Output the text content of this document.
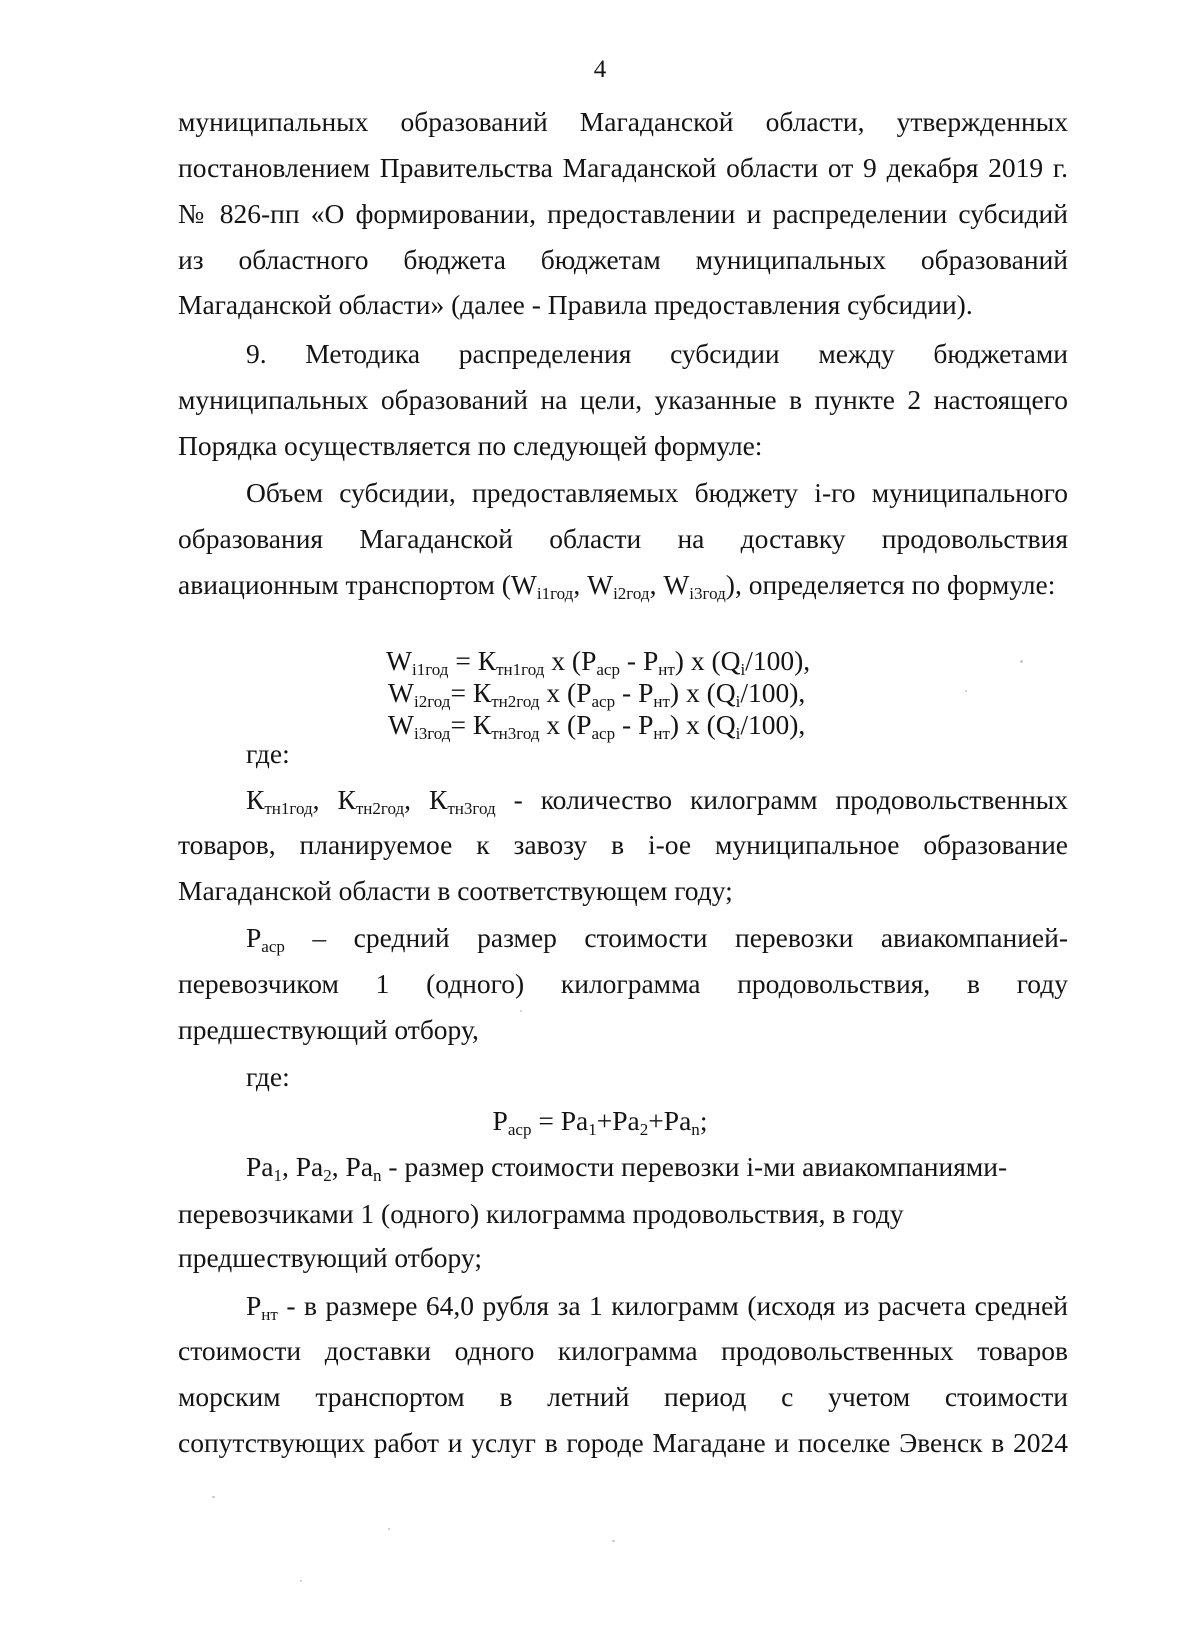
4
муниципальных образований Магаданской области, утвержденных
постановлением Правительства Магаданской области от 9 декабря 2019 г.
№ 826-пп «О формировании, предоставлении и распределении субсидий
из областного бюджета бюджетам муниципальных образований
Магаданской области» (далее - Правила предоставления субсидии).
9. Методика распределения субсидии между бюджетами
муниципальных образований на цели, указанные в пункте 2 настоящего
Порядка осуществляется по следующей формуле:
Объем субсидии, предоставляемых бюджету i-го муниципального
образования Магаданской области на доставку продовольствия
авиационным транспортом ($W_{i1год}$, $W_{i2год}$, $W_{i3год}$), определяется по формуле:
$W_{i1год} = К_{тн1год}$ х $(Р_{аср} - Р_{нт})$ х $(Q_i/100)$,
$W_{i2год}= К_{тн2год}$ х $(Р_{аср} - Р_{нт})$ х $(Q_i/100)$,
$W_{i3год}= К_{тн3год}$ х $(Р_{аср} - Р_{нт})$ х $(Q_i/100)$,
где:
$К_{тн1год}$, $К_{тн2год}$, $К_{тн3год}$ - количество килограмм продовольственных
товаров, планируемое к завозу в i-ое муниципальное образование
Магаданской области в соответствующем году;
$Р_{аср}$ – средний размер стоимости перевозки авиакомпанией-
перевозчиком 1 (одного) килограмма продовольствия, в году
предшествующий отбору,
где:
$Р_{аср} = Ра_1+Ра_2+Ра_n$;
$Ра_1$, $Ра_2$, $Ра_n$ - размер стоимости перевозки i-ми авиакомпаниями-
перевозчиками 1 (одного) килограмма продовольствия, в году
предшествующий отбору;
$Р_{нт}$ - в размере 64,0 рубля за 1 килограмм (исходя из расчета средней
стоимости доставки одного килограмма продовольственных товаров
морским транспортом в летний период с учетом стоимости
сопутствующих работ и услуг в городе Магадане и поселке Эвенск в 2024
